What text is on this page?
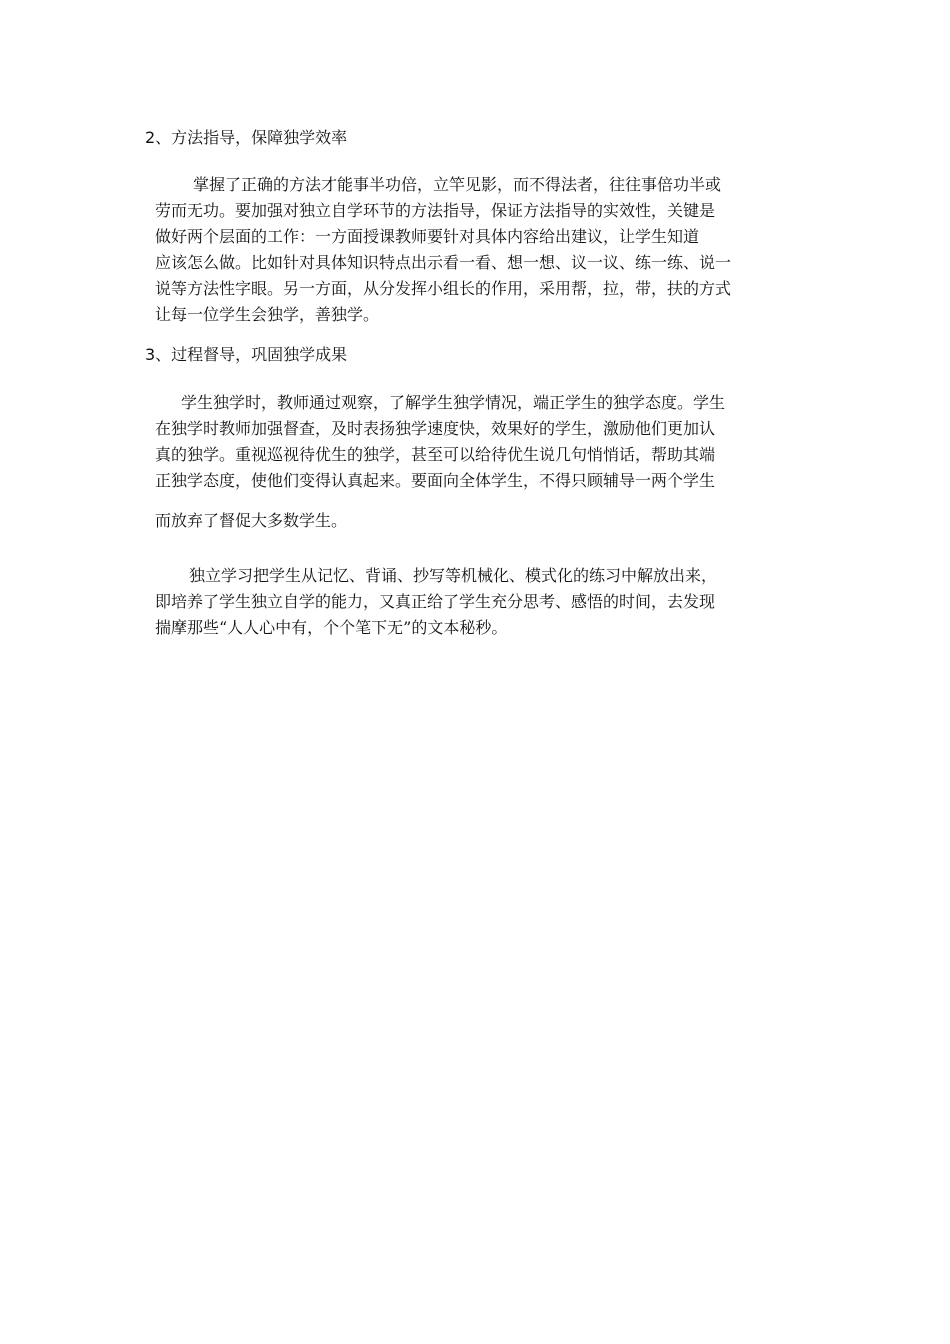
2、方法指导，保障独学效率
掌握了正确的方法才能事半功倍，立竿见影，而不得法者，往往事倍功半或
劳而无功。要加强对独立自学环节的方法指导，保证方法指导的实效性，关键是
做好两个层面的工作：一方面授课教师要针对具体内容给出建议，让学生知道
应该怎么做。比如针对具体知识特点出示看一看、想一想、议一议、练一练、说一
说等方法性字眼。另一方面，从分发挥小组长的作用，采用帮，拉，带，扶的方式
让每一位学生会独学，善独学。
3、过程督导，巩固独学成果
学生独学时，教师通过观察，了解学生独学情况，端正学生的独学态度。学生
在独学时教师加强督查，及时表扬独学速度快，效果好的学生，激励他们更加认
真的独学。重视巡视待优生的独学，甚至可以给待优生说几句悄悄话，帮助其端
正独学态度，使他们变得认真起来。要面向全体学生，不得只顾辅导一两个学生
而放弃了督促大多数学生。
独立学习把学生从记忆、背诵、抄写等机械化、模式化的练习中解放出来，
即培养了学生独立自学的能力，又真正给了学生充分思考、感悟的时间，去发现
揣摩那些“人人心中有，个个笔下无”的文本秘秒。
